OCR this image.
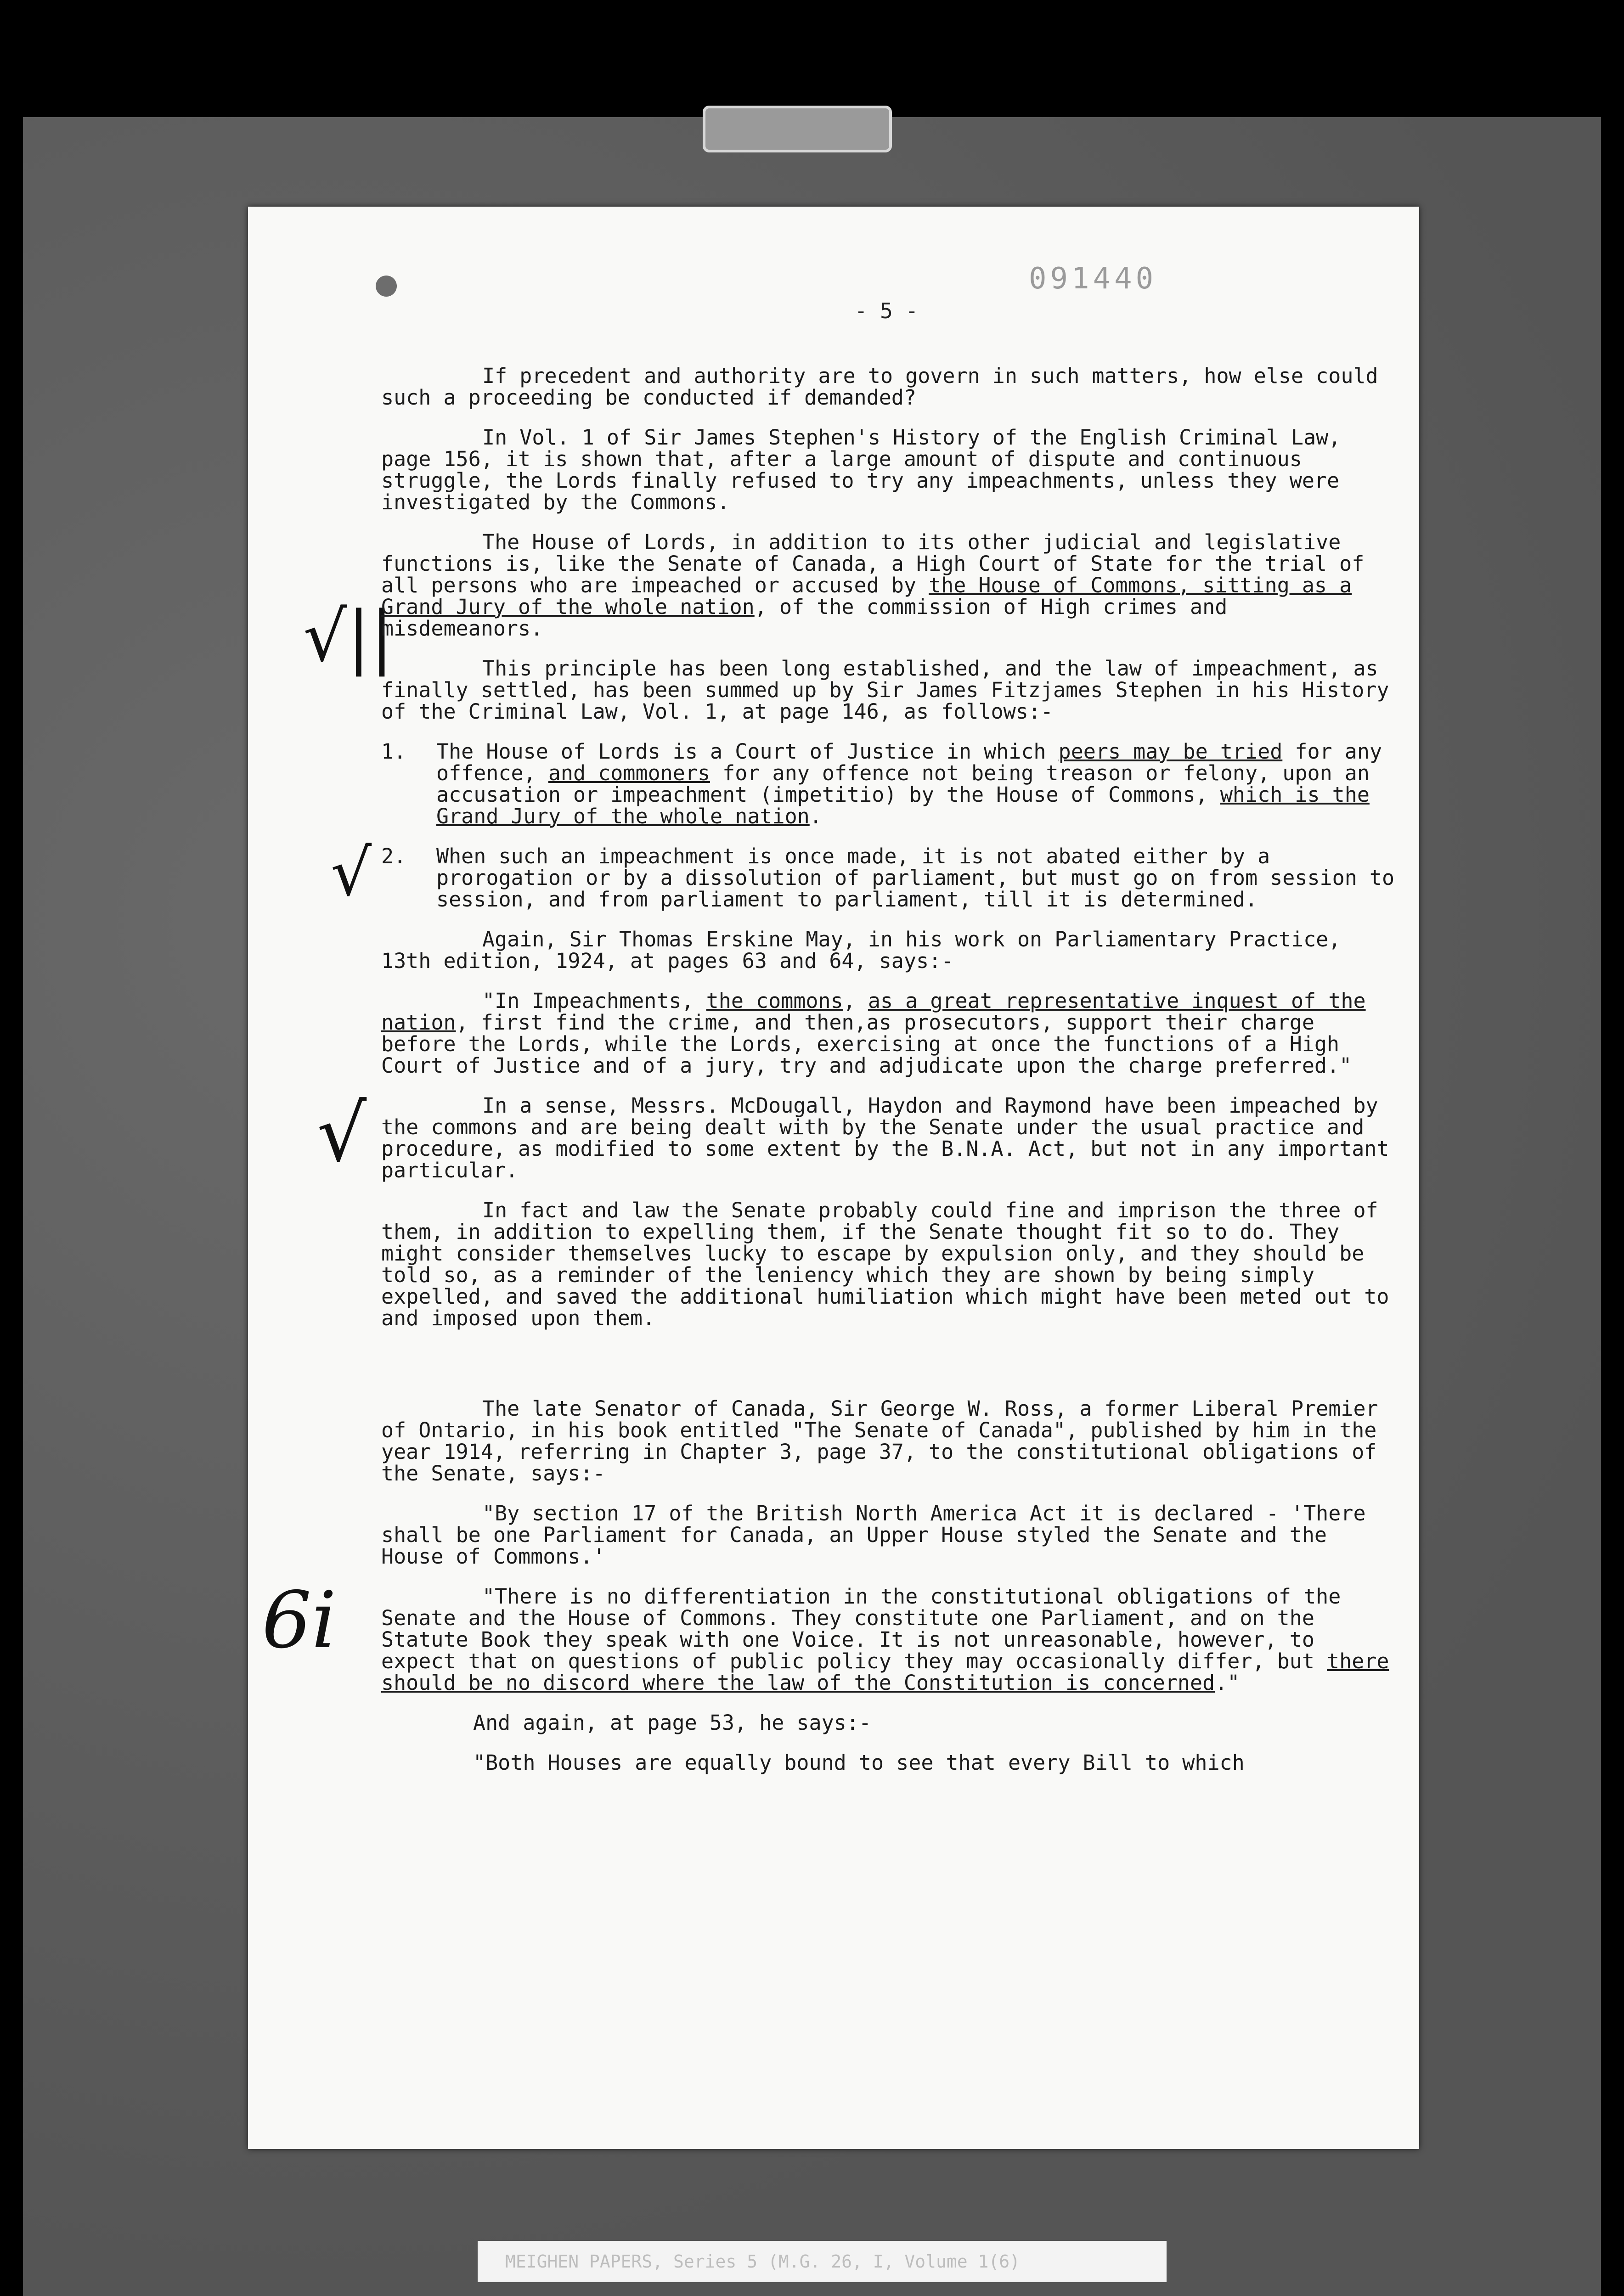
091440
- 5 -
√||
√
√
6i

If precedent and authority are to govern in such matters, how else could such a proceeding be conducted if demanded?

In Vol. 1 of Sir James Stephen's History of the English Criminal Law, page 156, it is shown that, after a large amount of dispute and continuous struggle, the Lords finally refused to try any impeachments, unless they were investigated by the Commons.

The House of Lords, in addition to its other judicial and legislative functions is, like the Senate of Canada, a High Court of State for the trial of all persons who are impeached or accused by the House of Commons, sitting as a Grand Jury of the whole nation, of the commission of High crimes and misdemeanors.

This principle has been long established, and the law of impeachment, as finally settled, has been summed up by Sir James Fitzjames Stephen in his History of the Criminal Law, Vol. 1, at page 146, as follows:-

1.	The House of Lords is a Court of Justice in which peers may be tried for any offence, and commoners for any offence not being treason or felony, upon an accusation or impeachment (impetitio) by the House of Commons, which is the Grand Jury of the whole nation.
2.	When such an impeachment is once made, it is not abated either by a prorogation or by a dissolution of parliament, but must go on from session to session, and from parliament to parliament, till it is determined.

Again, Sir Thomas Erskine May, in his work on Parliamentary Practice, 13th edition, 1924, at pages 63 and 64, says:-

"In Impeachments, the commons, as a great representative inquest of the nation, first find the crime, and then,as prosecutors, support their charge before the Lords, while the Lords, exercising at once the functions of a High Court of Justice and of a jury, try and adjudicate upon the charge preferred."

In a sense, Messrs. McDougall, Haydon and Raymond have been impeached by the commons and are being dealt with by the Senate under the usual practice and procedure, as modified to some extent by the B.N.A. Act, but not in any important particular.

In fact and law the Senate probably could fine and imprison the three of them, in addition to expelling them, if the Senate thought fit so to do. They might consider themselves lucky to escape by expulsion only, and they should be told so, as a reminder of the leniency which they are shown by being simply expelled, and saved the additional humiliation which might have been meted out to and imposed upon them.

The late Senator of Canada, Sir George W. Ross, a former Liberal Premier of Ontario, in his book entitled "The Senate of Canada", published by him in the year 1914, referring in Chapter 3, page 37, to the constitutional obligations of the Senate, says:-

"By section 17 of the British North America Act it is declared - 'There shall be one Parliament for Canada, an Upper House styled the Senate and the House of Commons.'

"There is no differentiation in the constitutional obligations of the Senate and the House of Commons. They constitute one Parliament, and on the Statute Book they speak with one Voice. It is not unreasonable, however, to expect that on questions of public policy they may occasionally differ, but there should be no discord where the law of the Constitution is concerned."

And again, at page 53, he says:-

"Both Houses are equally bound to see that every Bill to which

MEIGHEN PAPERS, Series 5 (M.G. 26, I, Volume 1(6)
